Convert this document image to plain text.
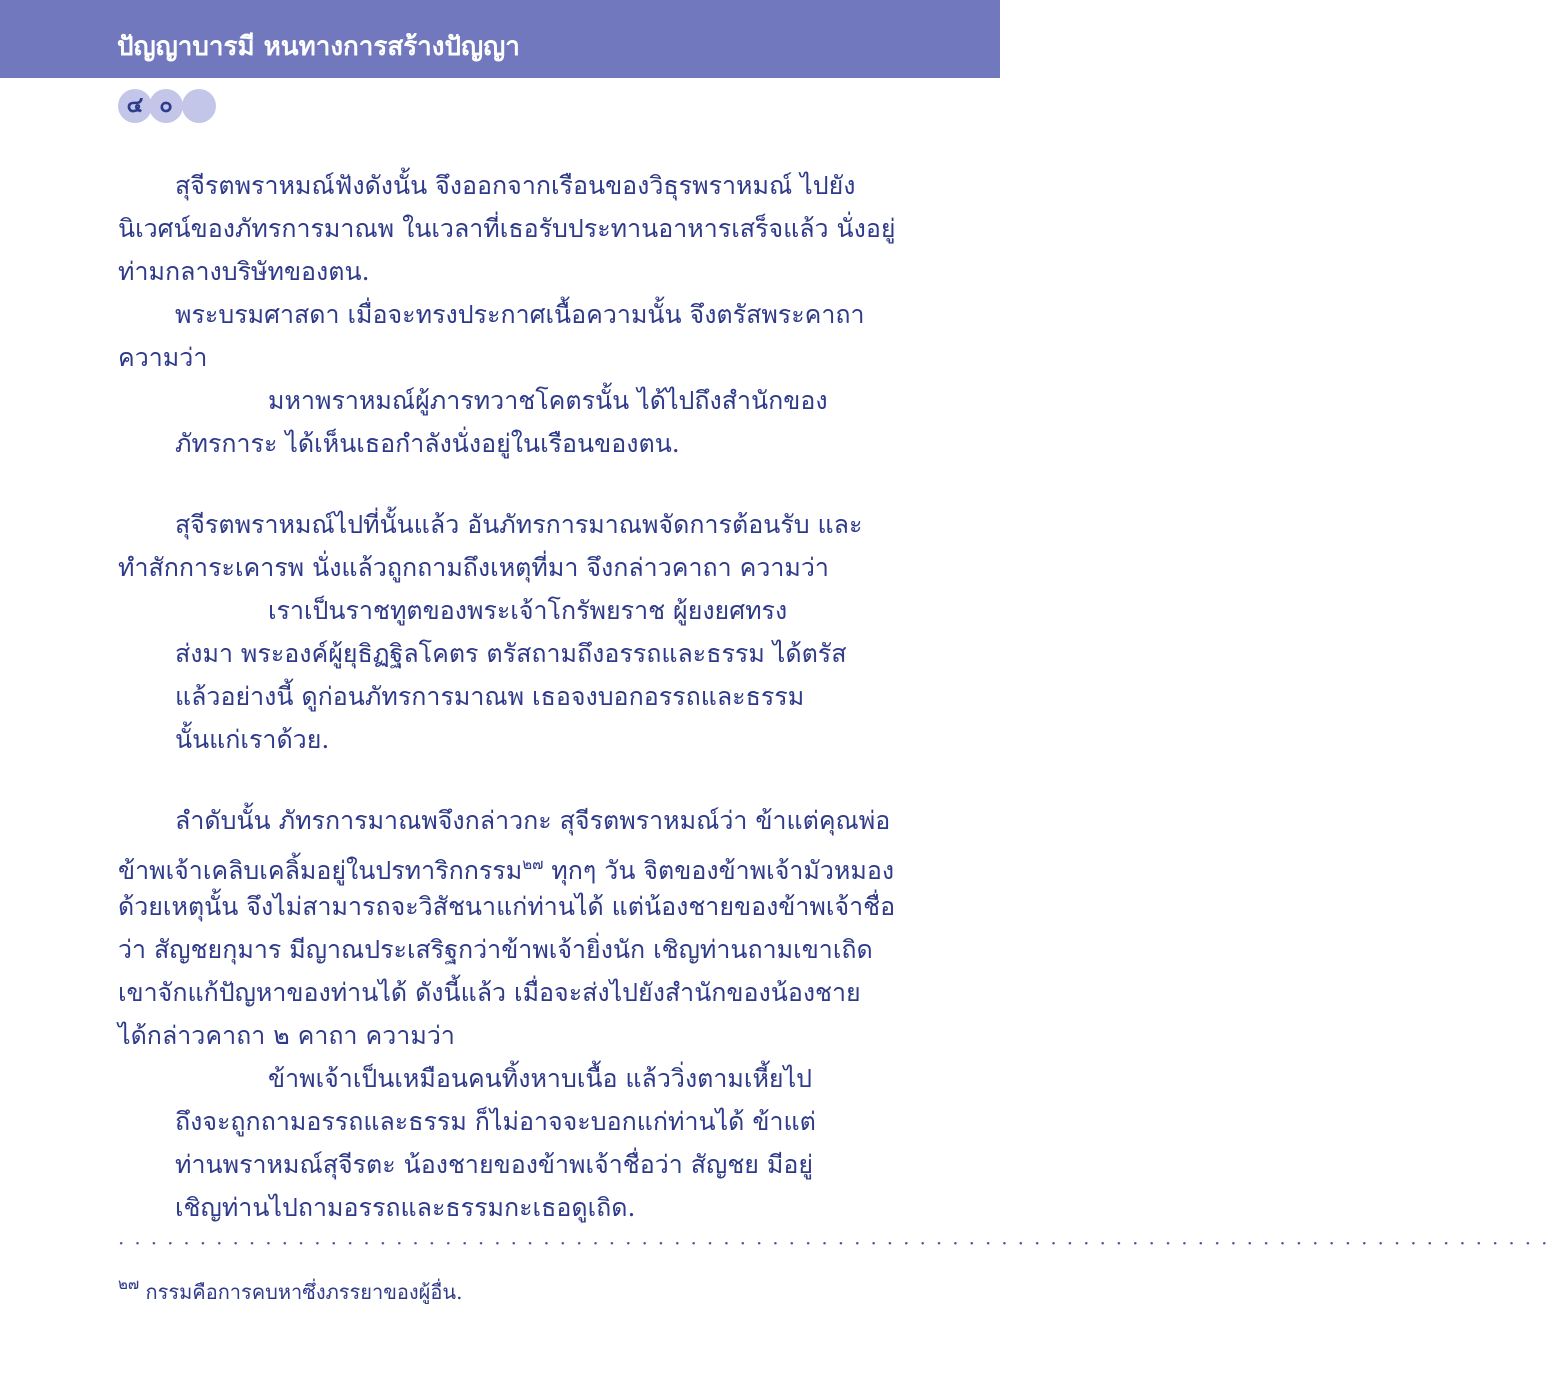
ปัญญาบารมี หนทางการสร้างปัญญา
๔ ๐
สุจีรตพราหมณ์ฟังดังนั้น จึงออกจากเรือนของวิธุรพราหมณ์ ไปยัง
นิเวศน์ของภัทรการมาณพ ในเวลาที่เธอรับประทานอาหารเสร็จแล้ว นั่งอยู่
ท่ามกลางบริษัทของตน.
พระบรมศาสดา เมื่อจะทรงประกาศเนื้อความนั้น จึงตรัสพระคาถา
ความว่า
มหาพราหมณ์ผู้ภารทวาชโคตรนั้น ได้ไปถึงสำนักของ
ภัทรการะ ได้เห็นเธอกำลังนั่งอยู่ในเรือนของตน.
สุจีรตพราหมณ์ไปที่นั้นแล้ว อันภัทรการมาณพจัดการต้อนรับ และ
ทำสักการะเคารพ นั่งแล้วถูกถามถึงเหตุที่มา จึงกล่าวคาถา ความว่า
เราเป็นราชทูตของพระเจ้าโกรัพยราช ผู้ยงยศทรง
ส่งมา พระองค์ผู้ยุธิฏฐิลโคตร ตรัสถามถึงอรรถและธรรม ได้ตรัส
แล้วอย่างนี้ ดูก่อนภัทรการมาณพ เธอจงบอกอรรถและธรรม
นั้นแก่เราด้วย.
ลำดับนั้น ภัทรการมาณพจึงกล่าวกะ สุจีรตพราหมณ์ว่า ข้าแต่คุณพ่อ
ข้าพเจ้าเคลิบเคลิ้มอยู่ในปรทาริกกรรม$^{๒๗}$ ทุกๆ วัน จิตของข้าพเจ้ามัวหมอง
ด้วยเหตุนั้น จึงไม่สามารถจะวิสัชนาแก่ท่านได้ แต่น้องชายของข้าพเจ้าชื่อ
ว่า สัญชยกุมาร มีญาณประเสริฐกว่าข้าพเจ้ายิ่งนัก เชิญท่านถามเขาเถิด
เขาจักแก้ปัญหาของท่านได้ ดังนี้แล้ว เมื่อจะส่งไปยังสำนักของน้องชาย
ได้กล่าวคาถา ๒ คาถา ความว่า
ข้าพเจ้าเป็นเหมือนคนทิ้งหาบเนื้อ แล้ววิ่งตามเหี้ยไป
ถึงจะถูกถามอรรถและธรรม ก็ไม่อาจจะบอกแก่ท่านได้ ข้าแต่
ท่านพราหมณ์สุจีรตะ น้องชายของข้าพเจ้าชื่อว่า สัญชย มีอยู่
เชิญท่านไปถามอรรถและธรรมกะเธอดูเถิด.
························································································
$^{๒๗}$ กรรมคือการคบหาซึ่งภรรยาของผู้อื่น.
